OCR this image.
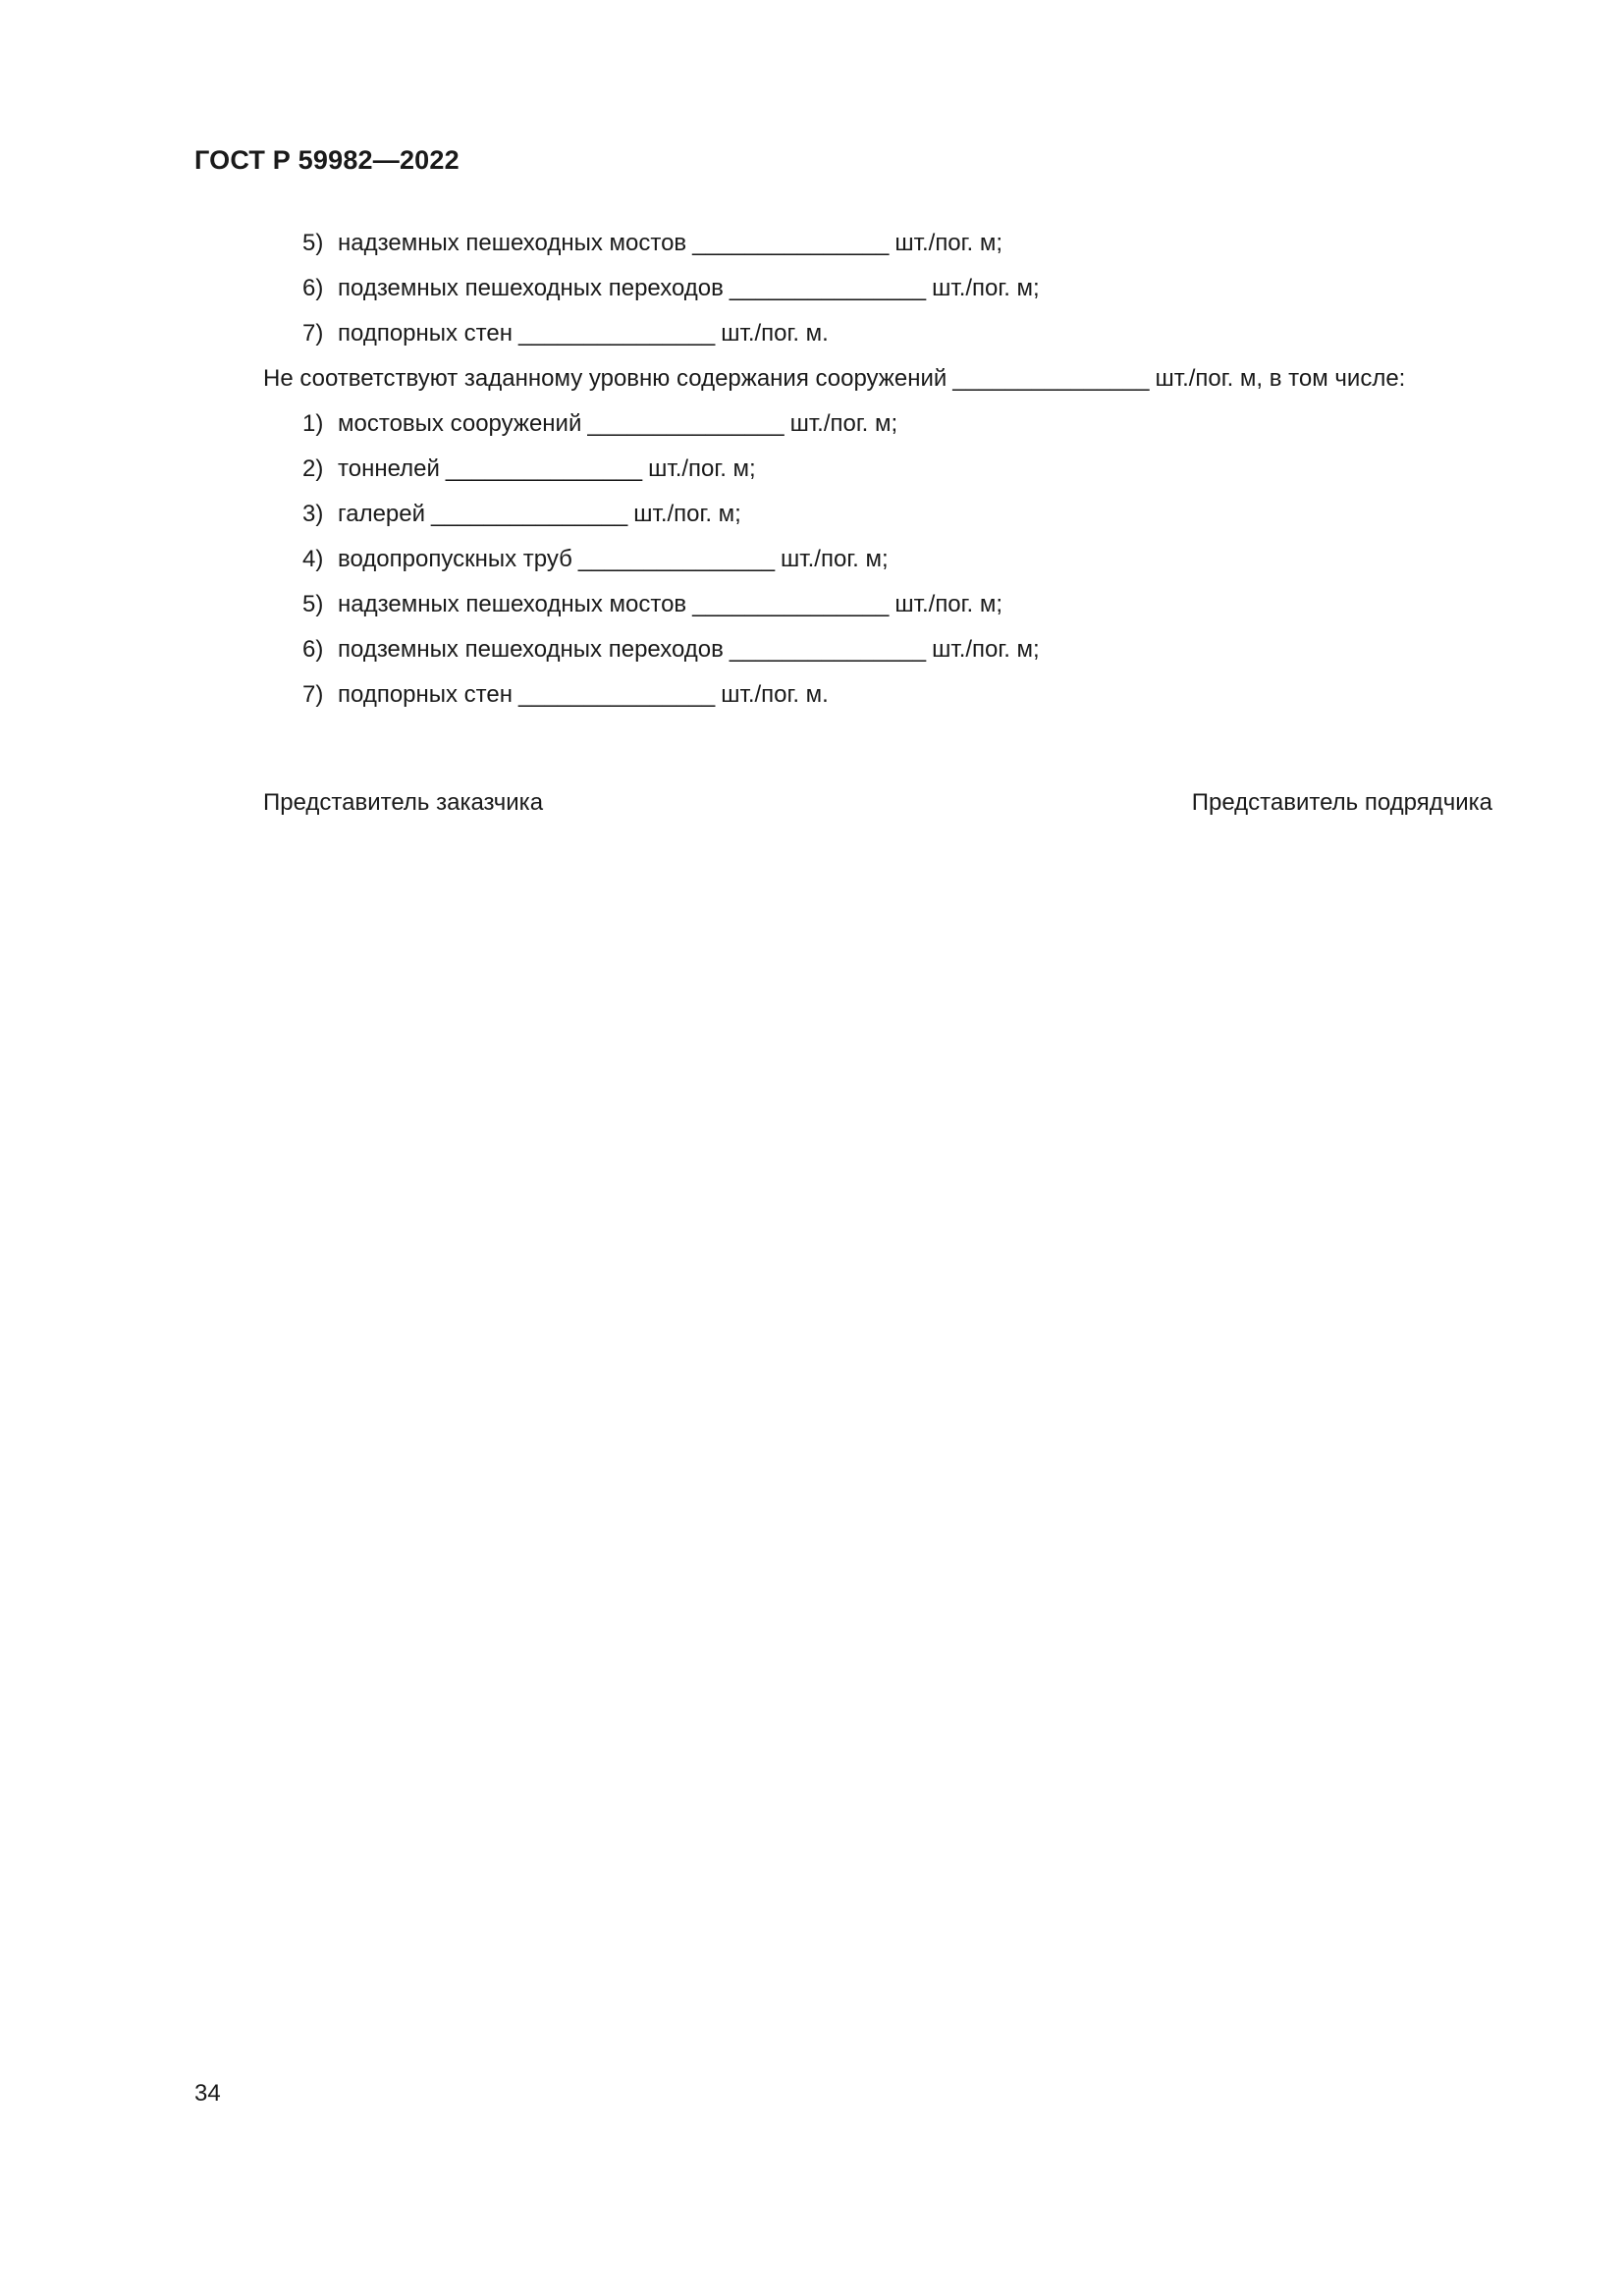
ГОСТ Р 59982—2022
5) надземных пешеходных мостов _______________ шт./пог. м;
6) подземных пешеходных переходов _______________ шт./пог. м;
7) подпорных стен _______________ шт./пог. м.
Не соответствуют заданному уровню содержания сооружений _______________ шт./пог. м, в том числе:
1) мостовых сооружений _______________ шт./пог. м;
2) тоннелей _______________ шт./пог. м;
3) галерей _______________ шт./пог. м;
4) водопропускных труб _______________ шт./пог. м;
5) надземных пешеходных мостов _______________ шт./пог. м;
6) подземных пешеходных переходов _______________ шт./пог. м;
7) подпорных стен _______________ шт./пог. м.
Представитель заказчика	Представитель подрядчика
34
